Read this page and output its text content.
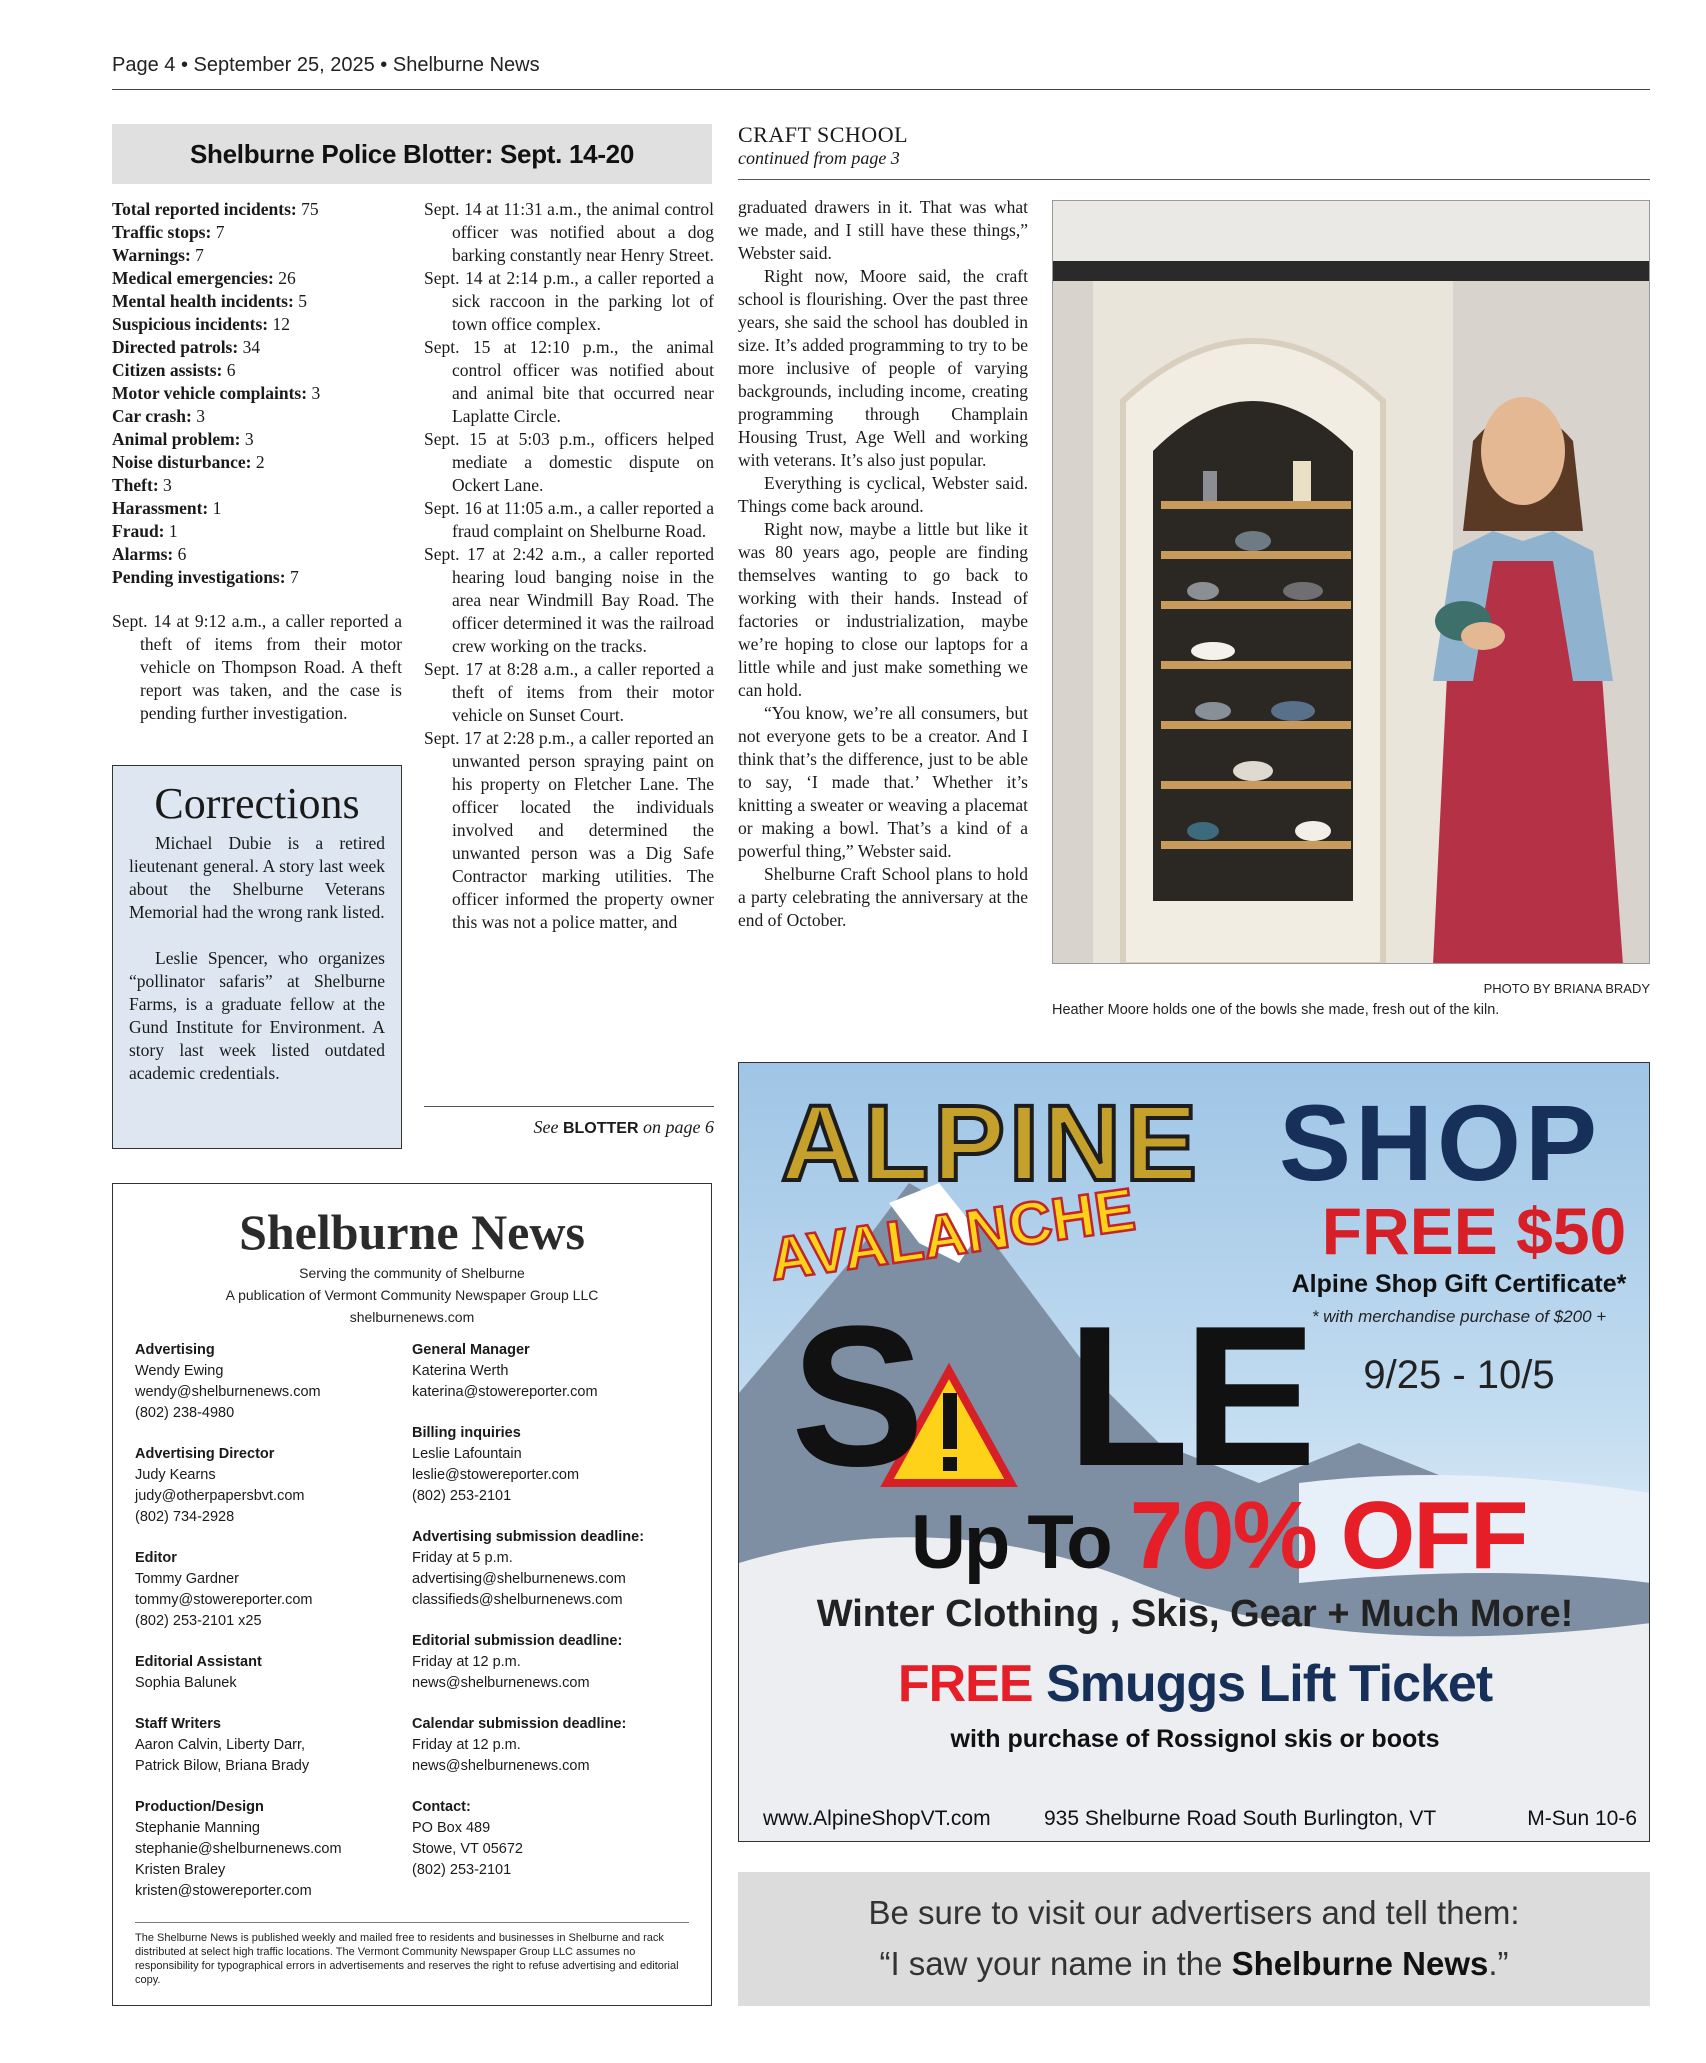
Page 4 • September 25, 2025 • Shelburne News
Shelburne Police Blotter: Sept. 14-20
Total reported incidents: 75
Traffic stops: 7
Warnings: 7
Medical emergencies: 26
Mental health incidents: 5
Suspicious incidents: 12
Directed patrols: 34
Citizen assists: 6
Motor vehicle complaints: 3
Car crash: 3
Animal problem: 3
Noise disturbance: 2
Theft: 3
Harassment: 1
Fraud: 1
Alarms: 6
Pending investigations: 7
Sept. 14 at 9:12 a.m., a caller reported a theft of items from their motor vehicle on Thompson Road. A theft report was taken, and the case is pending further investigation.
Sept. 14 at 11:31 a.m., the animal control officer was notified about a dog barking constantly near Henry Street.
Sept. 14 at 2:14 p.m., a caller reported a sick raccoon in the parking lot of town office complex.
Sept. 15 at 12:10 p.m., the animal control officer was notified about and animal bite that occurred near Laplatte Circle.
Sept. 15 at 5:03 p.m., officers helped mediate a domestic dispute on Ockert Lane.
Sept. 16 at 11:05 a.m., a caller reported a fraud complaint on Shelburne Road.
Sept. 17 at 2:42 a.m., a caller reported hearing loud banging noise in the area near Windmill Bay Road. The officer determined it was the railroad crew working on the tracks.
Sept. 17 at 8:28 a.m., a caller reported a theft of items from their motor vehicle on Sunset Court.
Sept. 17 at 2:28 p.m., a caller reported an unwanted person spraying paint on his property on Fletcher Lane. The officer located the individuals involved and determined the unwanted person was a Dig Safe Contractor marking utilities. The officer informed the property owner this was not a police matter, and
See BLOTTER on page 6
Corrections

Michael Dubie is a retired lieutenant general. A story last week about the Shelburne Veterans Memorial had the wrong rank listed.

Leslie Spencer, who organizes “pollinator safaris” at Shelburne Farms, is a graduate fellow at the Gund Institute for Environment. A story last week listed outdated academic credentials.

Shelburne News
Serving the community of Shelburne
A publication of Vermont Community Newspaper Group LLC
shelburnenews.com
Advertising
Wendy Ewing
wendy@shelburnenews.com
(802) 238-4980
Advertising Director
Judy Kearns
judy@otherpapersbvt.com
(802) 734-2928
Editor
Tommy Gardner
tommy@stowereporter.com
(802) 253-2101 x25
Editorial Assistant
Sophia Balunek
Staff Writers
Aaron Calvin, Liberty Darr,
Patrick Bilow, Briana Brady
Production/Design
Stephanie Manning
stephanie@shelburnenews.com
Kristen Braley
kristen@stowereporter.com
General Manager
Katerina Werth
katerina@stowereporter.com
Billing inquiries
Leslie Lafountain
leslie@stowereporter.com
(802) 253-2101
Advertising submission deadline:
Friday at 5 p.m.
advertising@shelburnenews.com
classifieds@shelburnenews.com
Editorial submission deadline:
Friday at 12 p.m.
news@shelburnenews.com
Calendar submission deadline:
Friday at 12 p.m.
news@shelburnenews.com
Contact:
PO Box 489
Stowe, VT 05672
(802) 253-2101
The Shelburne News is published weekly and mailed free to residents and businesses in Shelburne and rack distributed at select high traffic locations. The Vermont Community Newspaper Group LLC assumes no responsibility for typographical errors in advertisements and reserves the right to refuse advertising and editorial copy.
CRAFT SCHOOL
continued from page 3

graduated drawers in it. That was what we made, and I still have these things,” Webster said.

Right now, Moore said, the craft school is flourishing. Over the past three years, she said the school has doubled in size. It’s added programming to try to be more inclusive of people of varying backgrounds, including income, creating programming through Champlain Housing Trust, Age Well and working with veterans. It’s also just popular.

Everything is cyclical, Webster said. Things come back around.

Right now, maybe a little but like it was 80 years ago, people are finding themselves wanting to go back to working with their hands. Instead of factories or industrialization, maybe we’re hoping to close our laptops for a little while and just make something we can hold.

“You know, we’re all consumers, but not everyone gets to be a creator. And I think that’s the difference, just to be able to say, ‘I made that.’ Whether it’s knitting a sweater or weaving a placemat or making a bowl. That’s a kind of a powerful thing,” Webster said.

Shelburne Craft School plans to hold a party celebrating the anniversary at the end of October.

PHOTO BY BRIANA BRADY
Heather Moore holds one of the bowls she made, fresh out of the kiln.
ALPINE SHOP
AVALANCHE
S LE
FREE $50
Alpine Shop Gift Certificate*
* with merchandise purchase of $200 +
9/25 - 10/5
Up To 70% OFF
Winter Clothing , Skis, Gear + Much More!
FREE Smuggs Lift Ticket
with purchase of Rossignol skis or boots
www.AlpineShopVT.com	935 Shelburne Road South Burlington, VT	M-Sun 10-6
Be sure to visit our advertisers and tell them:
“I saw your name in the Shelburne News.”
